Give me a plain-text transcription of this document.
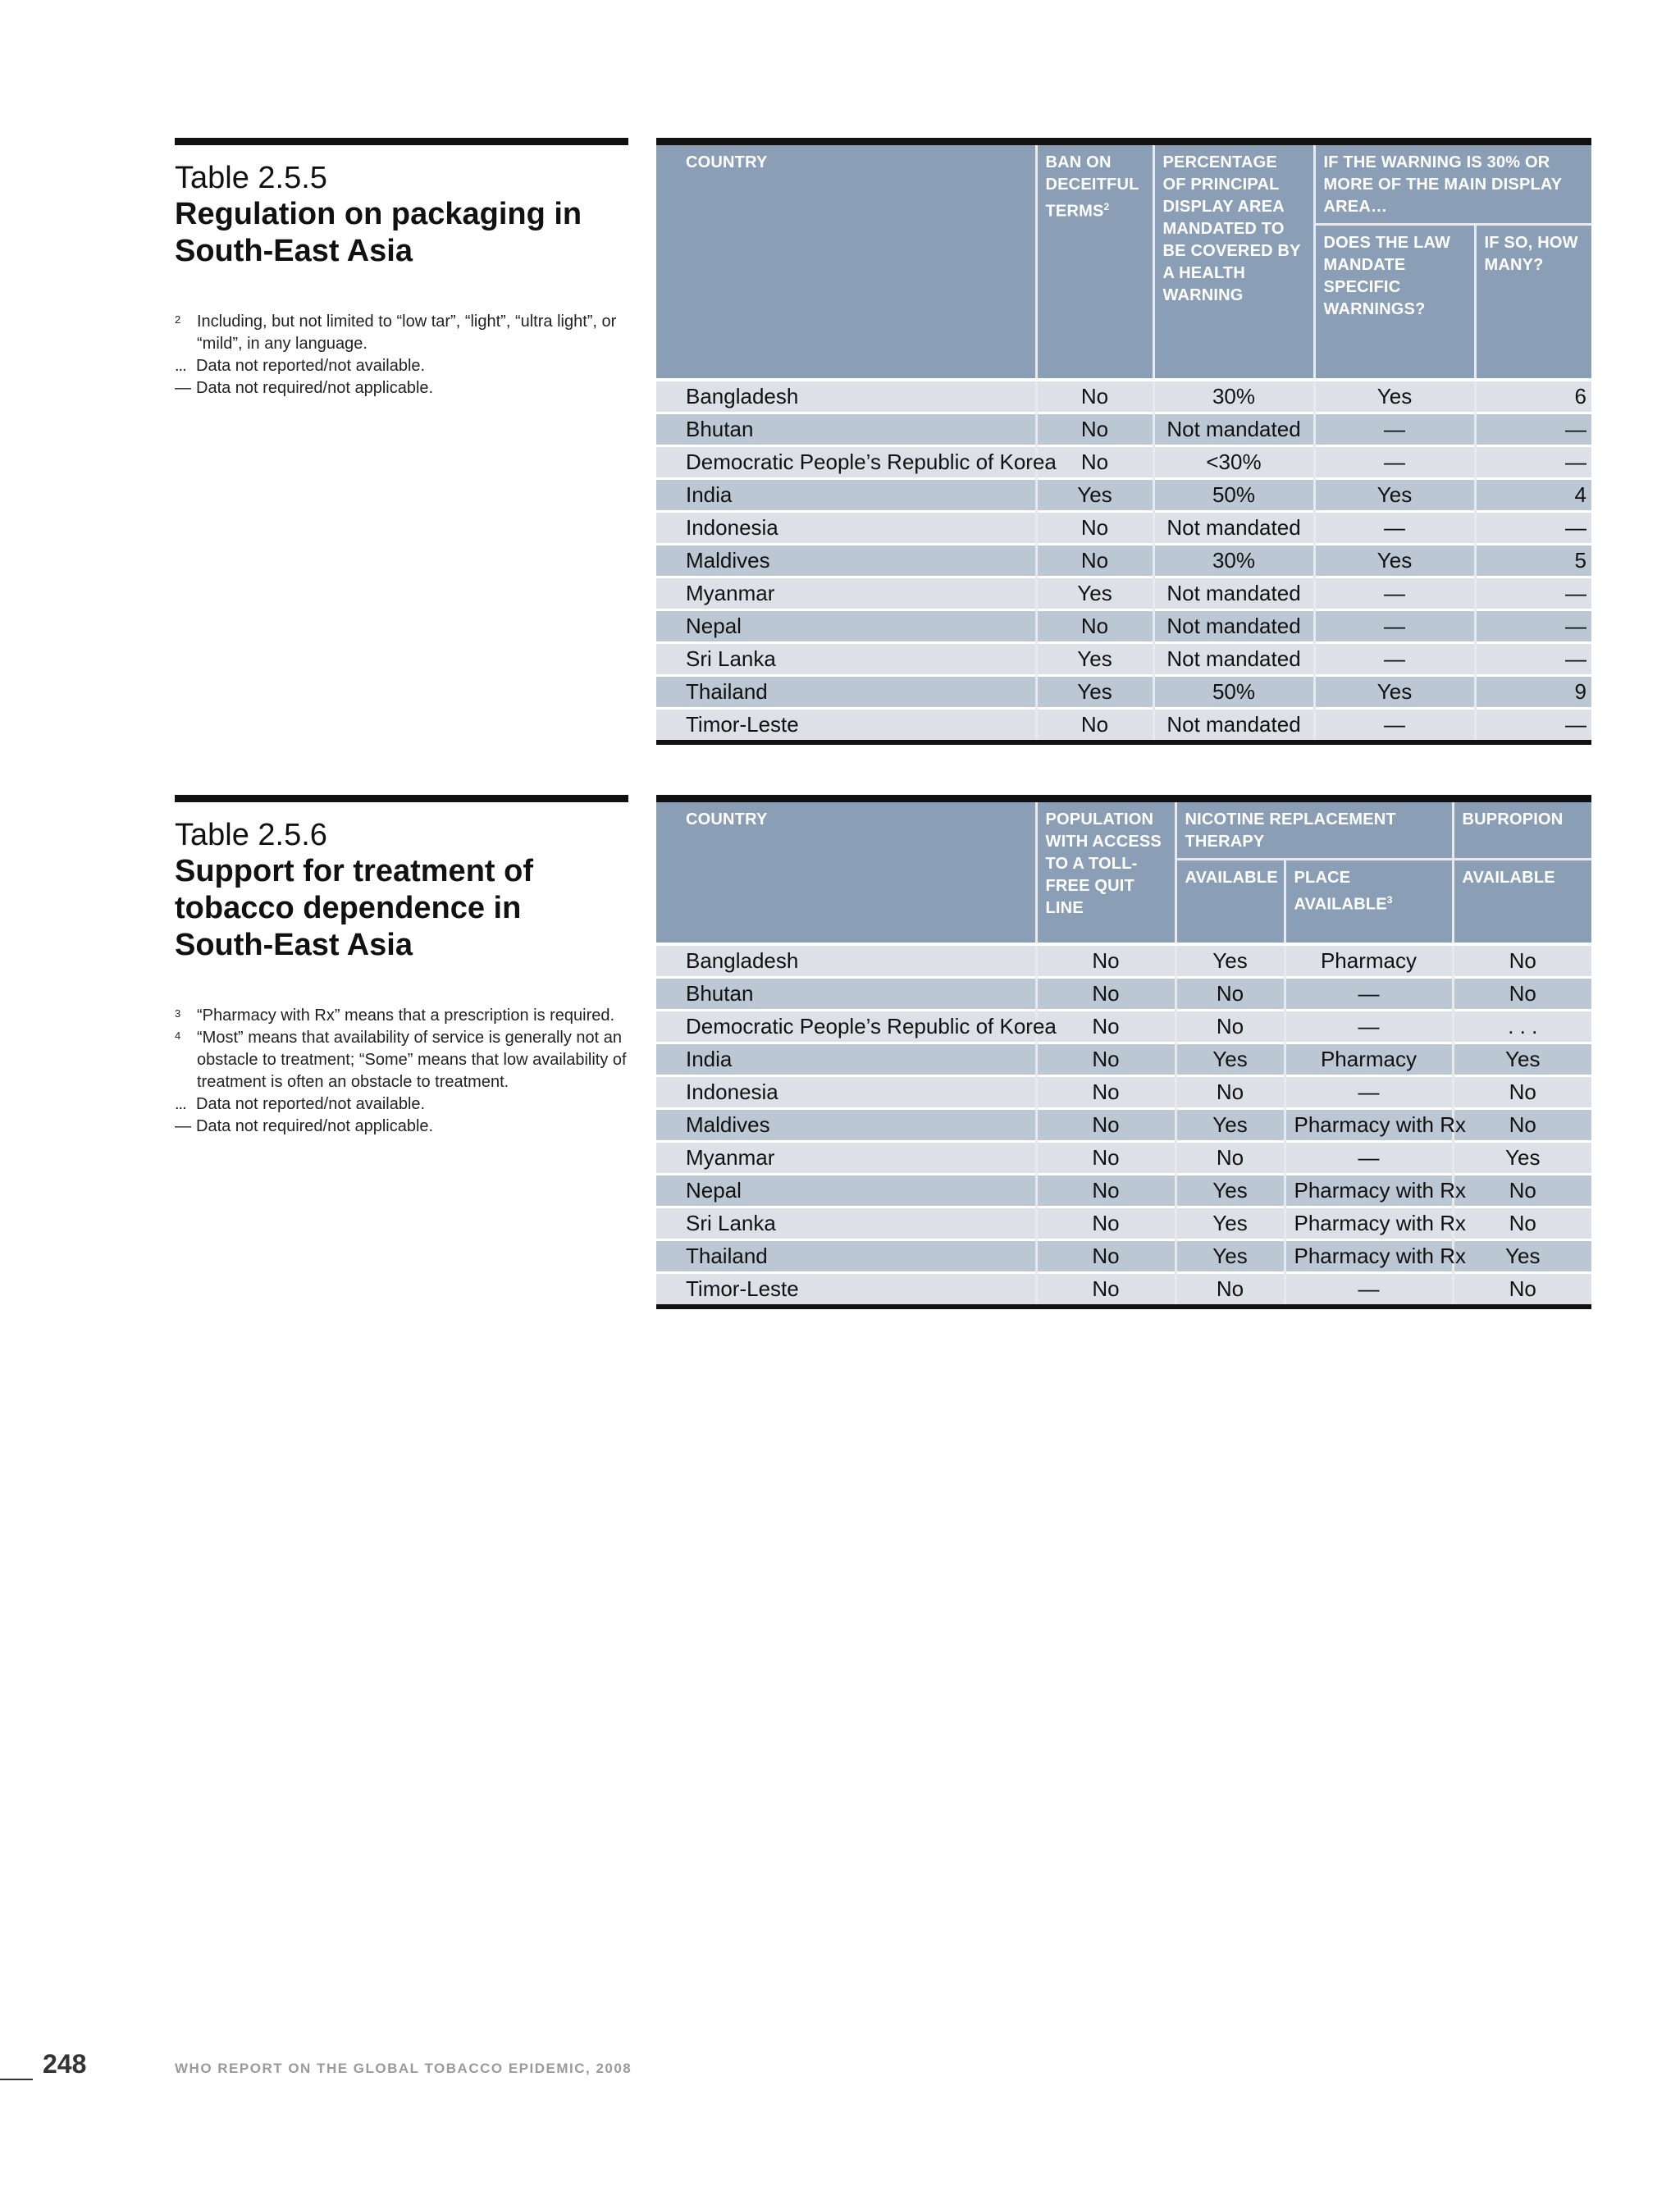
Table 2.5.5
Regulation on packaging in South-East Asia
2 Including, but not limited to “low tar”, “light”, “ultra light”, or “mild”, in any language.
... Data not reported/not available.
— Data not required/not applicable.

COUNTRY	BAN ON DECEITFUL TERMS$^2$	PERCENTAGE OF PRINCIPAL DISPLAY AREA MANDATED TO BE COVERED BY A HEALTH WARNING	IF THE WARNING IS 30% OR MORE OF THE MAIN DISPLAY AREA…	
			DOES THE LAW MANDATE SPECIFIC WARNINGS?	IF SO, HOW MANY?
Bangladesh	No	30%	Yes	6
Bhutan	No	Not mandated	—	—
Democratic People’s Republic of Korea	No	<30%	—	—
India	Yes	50%	Yes	4
Indonesia	No	Not mandated	—	—
Maldives	No	30%	Yes	5
Myanmar	Yes	Not mandated	—	—
Nepal	No	Not mandated	—	—
Sri Lanka	Yes	Not mandated	—	—
Thailand	Yes	50%	Yes	9
Timor-Leste	No	Not mandated	—	—

Table 2.5.6
Support for treatment of tobacco dependence in South-East Asia
3 “Pharmacy with Rx” means that a prescription is required.
4 “Most” means that availability of service is generally not an obstacle to treatment; “Some” means that low availability of treatment is often an obstacle to treatment.
... Data not reported/not available.
— Data not required/not applicable.

COUNTRY	POPULATION WITH ACCESS TO A TOLL-FREE QUIT LINE	NICOTINE REPLACEMENT THERAPY		BUPROPION
		AVAILABLE	PLACE AVAILABLE$^3$	AVAILABLE
Bangladesh	No	Yes	Pharmacy	No
Bhutan	No	No	—	No
Democratic People’s Republic of Korea	No	No	—	. . .
India	No	Yes	Pharmacy	Yes
Indonesia	No	No	—	No
Maldives	No	Yes	Pharmacy with Rx	No
Myanmar	No	No	—	Yes
Nepal	No	Yes	Pharmacy with Rx	No
Sri Lanka	No	Yes	Pharmacy with Rx	No
Thailand	No	Yes	Pharmacy with Rx	Yes
Timor-Leste	No	No	—	No

248	WHO REPORT ON THE GLOBAL TOBACCO EPIDEMIC, 2008
